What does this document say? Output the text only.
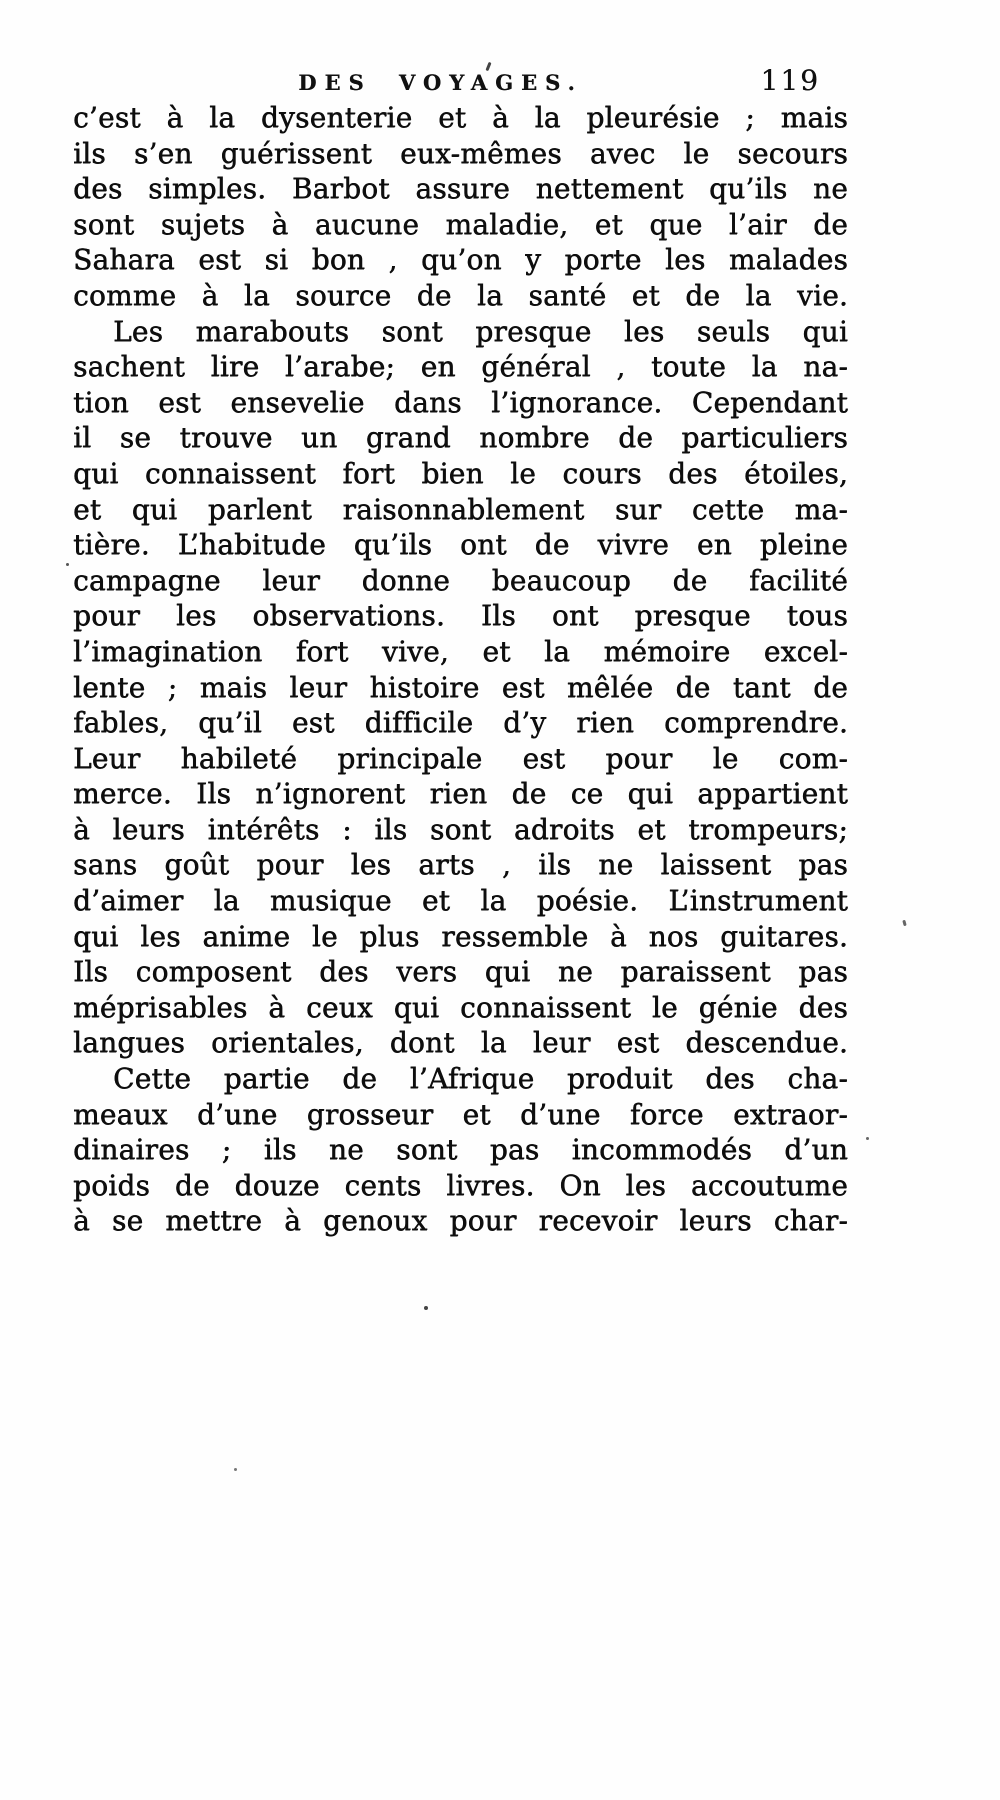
DES VOYAGES.	119
c’est à la dysenterie et à la pleurésie ; mais
ils s’en guérissent eux-mêmes avec le secours
des simples. Barbot assure nettement qu’ils ne
sont sujets à aucune maladie, et que l’air de
Sahara est si bon , qu’on y porte les malades
comme à la source de la santé et de la vie.
Les marabouts sont presque les seuls qui
sachent lire l’arabe; en général , toute la na-
tion est ensevelie dans l’ignorance. Cependant
il se trouve un grand nombre de particuliers
qui connaissent fort bien le cours des étoiles,
et qui parlent raisonnablement sur cette ma-
tière. L’habitude qu’ils ont de vivre en pleine
campagne leur donne beaucoup de facilité
pour les observations. Ils ont presque tous
l’imagination fort vive, et la mémoire excel-
lente ; mais leur histoire est mêlée de tant de
fables, qu’il est difficile d’y rien comprendre.
Leur habileté principale est pour le com-
merce. Ils n’ignorent rien de ce qui appartient
à leurs intérêts : ils sont adroits et trompeurs;
sans goût pour les arts , ils ne laissent pas
d’aimer la musique et la poésie. L’instrument
qui les anime le plus ressemble à nos guitares.
Ils composent des vers qui ne paraissent pas
méprisables à ceux qui connaissent le génie des
langues orientales, dont la leur est descendue.
Cette partie de l’Afrique produit des cha-
meaux d’une grosseur et d’une force extraor-
dinaires ; ils ne sont pas incommodés d’un
poids de douze cents livres. On les accoutume
à se mettre à genoux pour recevoir leurs char-
